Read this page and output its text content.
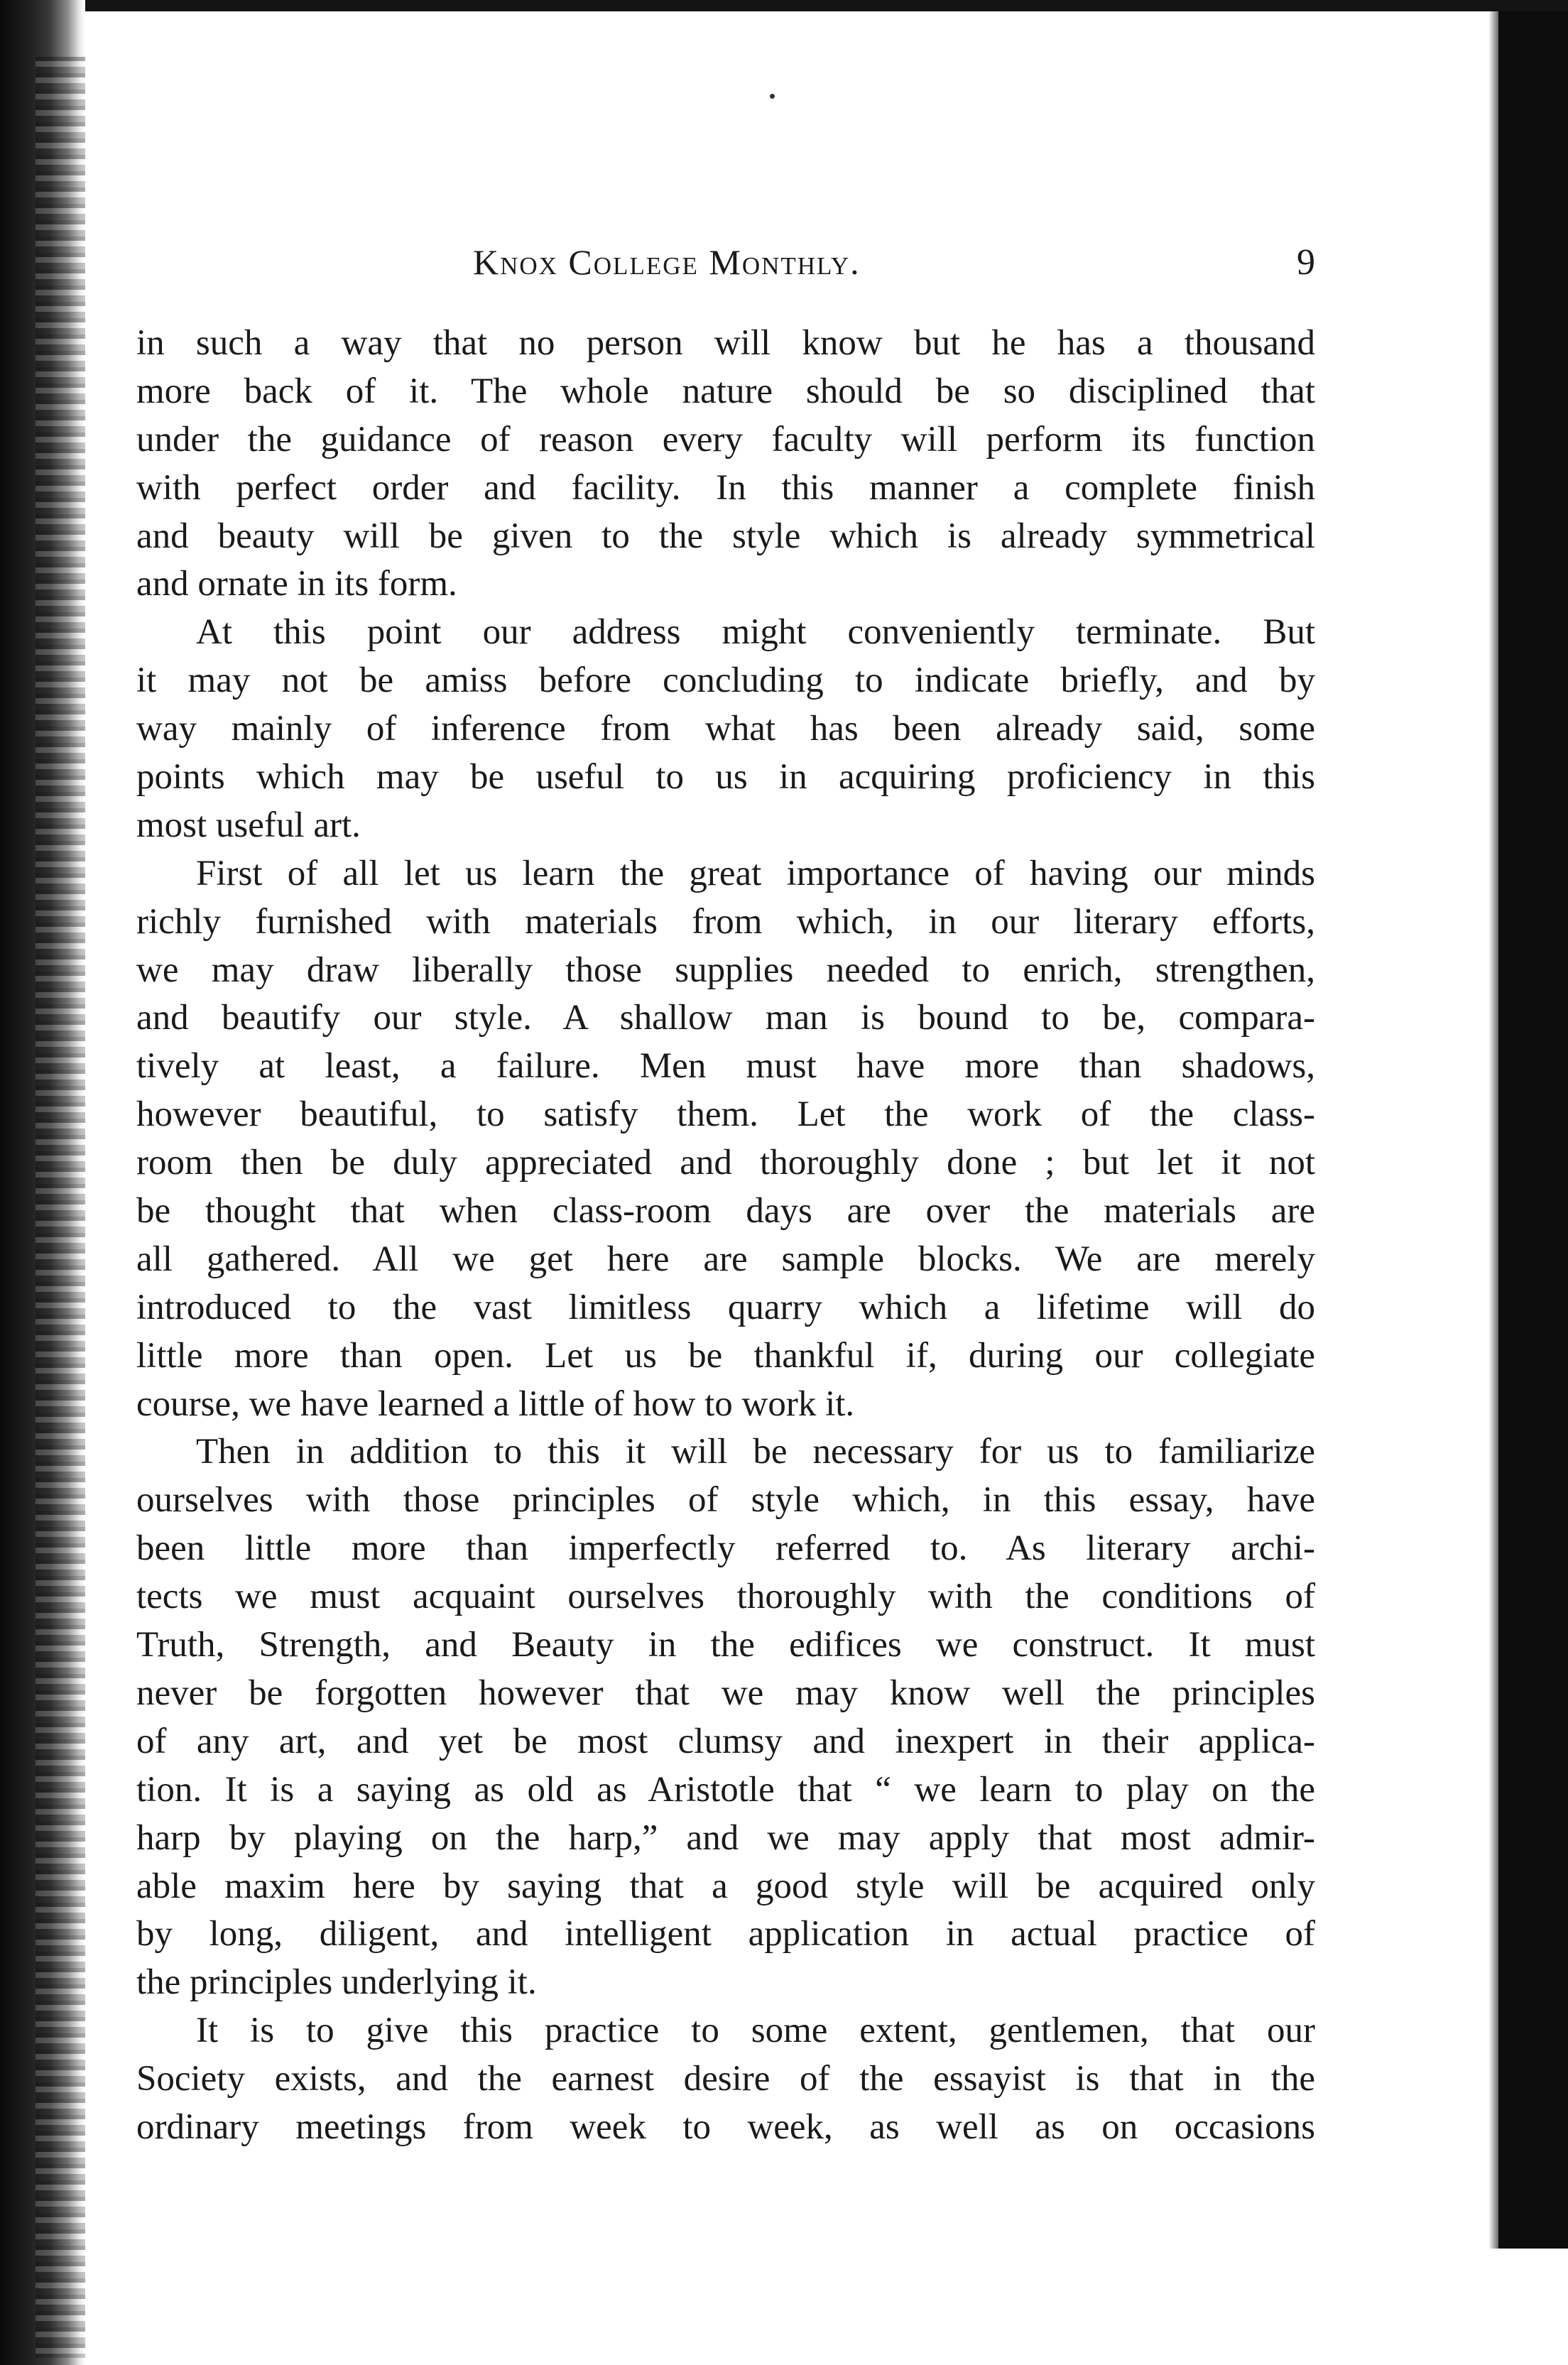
Knox College Monthly.	9
in such a way that no person will know but he has a thousand
more back of it. The whole nature should be so disciplined that
under the guidance of reason every faculty will perform its function
with perfect order and facility. In this manner a complete finish
and beauty will be given to the style which is already symmetrical
and ornate in its form.
At this point our address might conveniently terminate. But
it may not be amiss before concluding to indicate briefly, and by
way mainly of inference from what has been already said, some
points which may be useful to us in acquiring proficiency in this
most useful art.
First of all let us learn the great importance of having our minds
richly furnished with materials from which, in our literary efforts,
we may draw liberally those supplies needed to enrich, strengthen,
and beautify our style. A shallow man is bound to be, compara-
tively at least, a failure. Men must have more than shadows,
however beautiful, to satisfy them. Let the work of the class-
room then be duly appreciated and thoroughly done ; but let it not
be thought that when class-room days are over the materials are
all gathered. All we get here are sample blocks. We are merely
introduced to the vast limitless quarry which a lifetime will do
little more than open. Let us be thankful if, during our collegiate
course, we have learned a little of how to work it.
Then in addition to this it will be necessary for us to familiarize
ourselves with those principles of style which, in this essay, have
been little more than imperfectly referred to. As literary archi-
tects we must acquaint ourselves thoroughly with the conditions of
Truth, Strength, and Beauty in the edifices we construct. It must
never be forgotten however that we may know well the principles
of any art, and yet be most clumsy and inexpert in their applica-
tion. It is a saying as old as Aristotle that “ we learn to play on the
harp by playing on the harp,” and we may apply that most admir-
able maxim here by saying that a good style will be acquired only
by long, diligent, and intelligent application in actual practice of
the principles underlying it.
It is to give this practice to some extent, gentlemen, that our
Society exists, and the earnest desire of the essayist is that in the
ordinary meetings from week to week, as well as on occasions
